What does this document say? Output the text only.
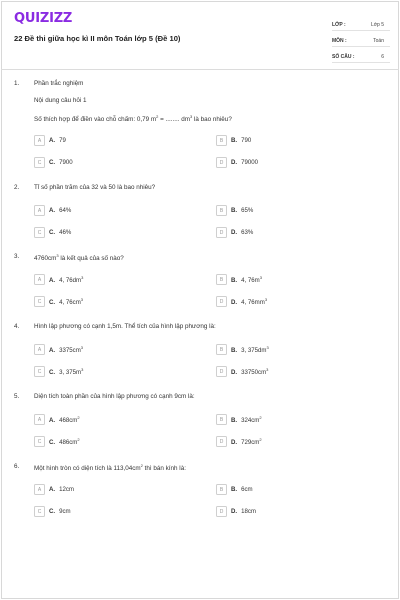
QUIZIZZ
22 Đề thi giữa học kì II môn Toán lớp 5 (Đề 10)
LỚP :	Lớp 5
MÔN :	Toán
SỐ CÂU :	6
1. Phần trắc nghiệm
Nội dung câu hỏi 1
Số thích hợp để điền vào chỗ chấm: 0,79 $m^2$ = ........ $dm^3$ là bao nhiêu?
A	A. 79	B	B. 790
C	C. 7900	D	D. 79000
2. Tỉ số phần trăm của 32 và 50 là bao nhiêu?
A	A. 64%	B	B. 65%
C	C. 46%	D	D. 63%
3. $4760cm^3$ là kết quả của số nào?
A	A. 4, $76dm^3$	B	B. 4, $76m^3$
C	C. 4, $76cm^3$	D	D. 4, $76mm^3$
4. Hình lập phương có cạnh 1,5m. Thể tích của hình lập phương là:
A	A. $3375cm^3$	B	B. 3, $375dm^3$
C	C. 3, $375m^3$	D	D. $33750cm^3$
5. Diện tích toàn phần của hình lập phương có cạnh 9cm là:
A	A. $468cm^2$	B	B. $324cm^2$
C	C. $486cm^2$	D	D. $729cm^2$
6. Một hình tròn có diện tích là $113,04cm^2$ thì bán kính là:
A	A. 12cm	B	B. 6cm
C	C. 9cm	D	D. 18cm
